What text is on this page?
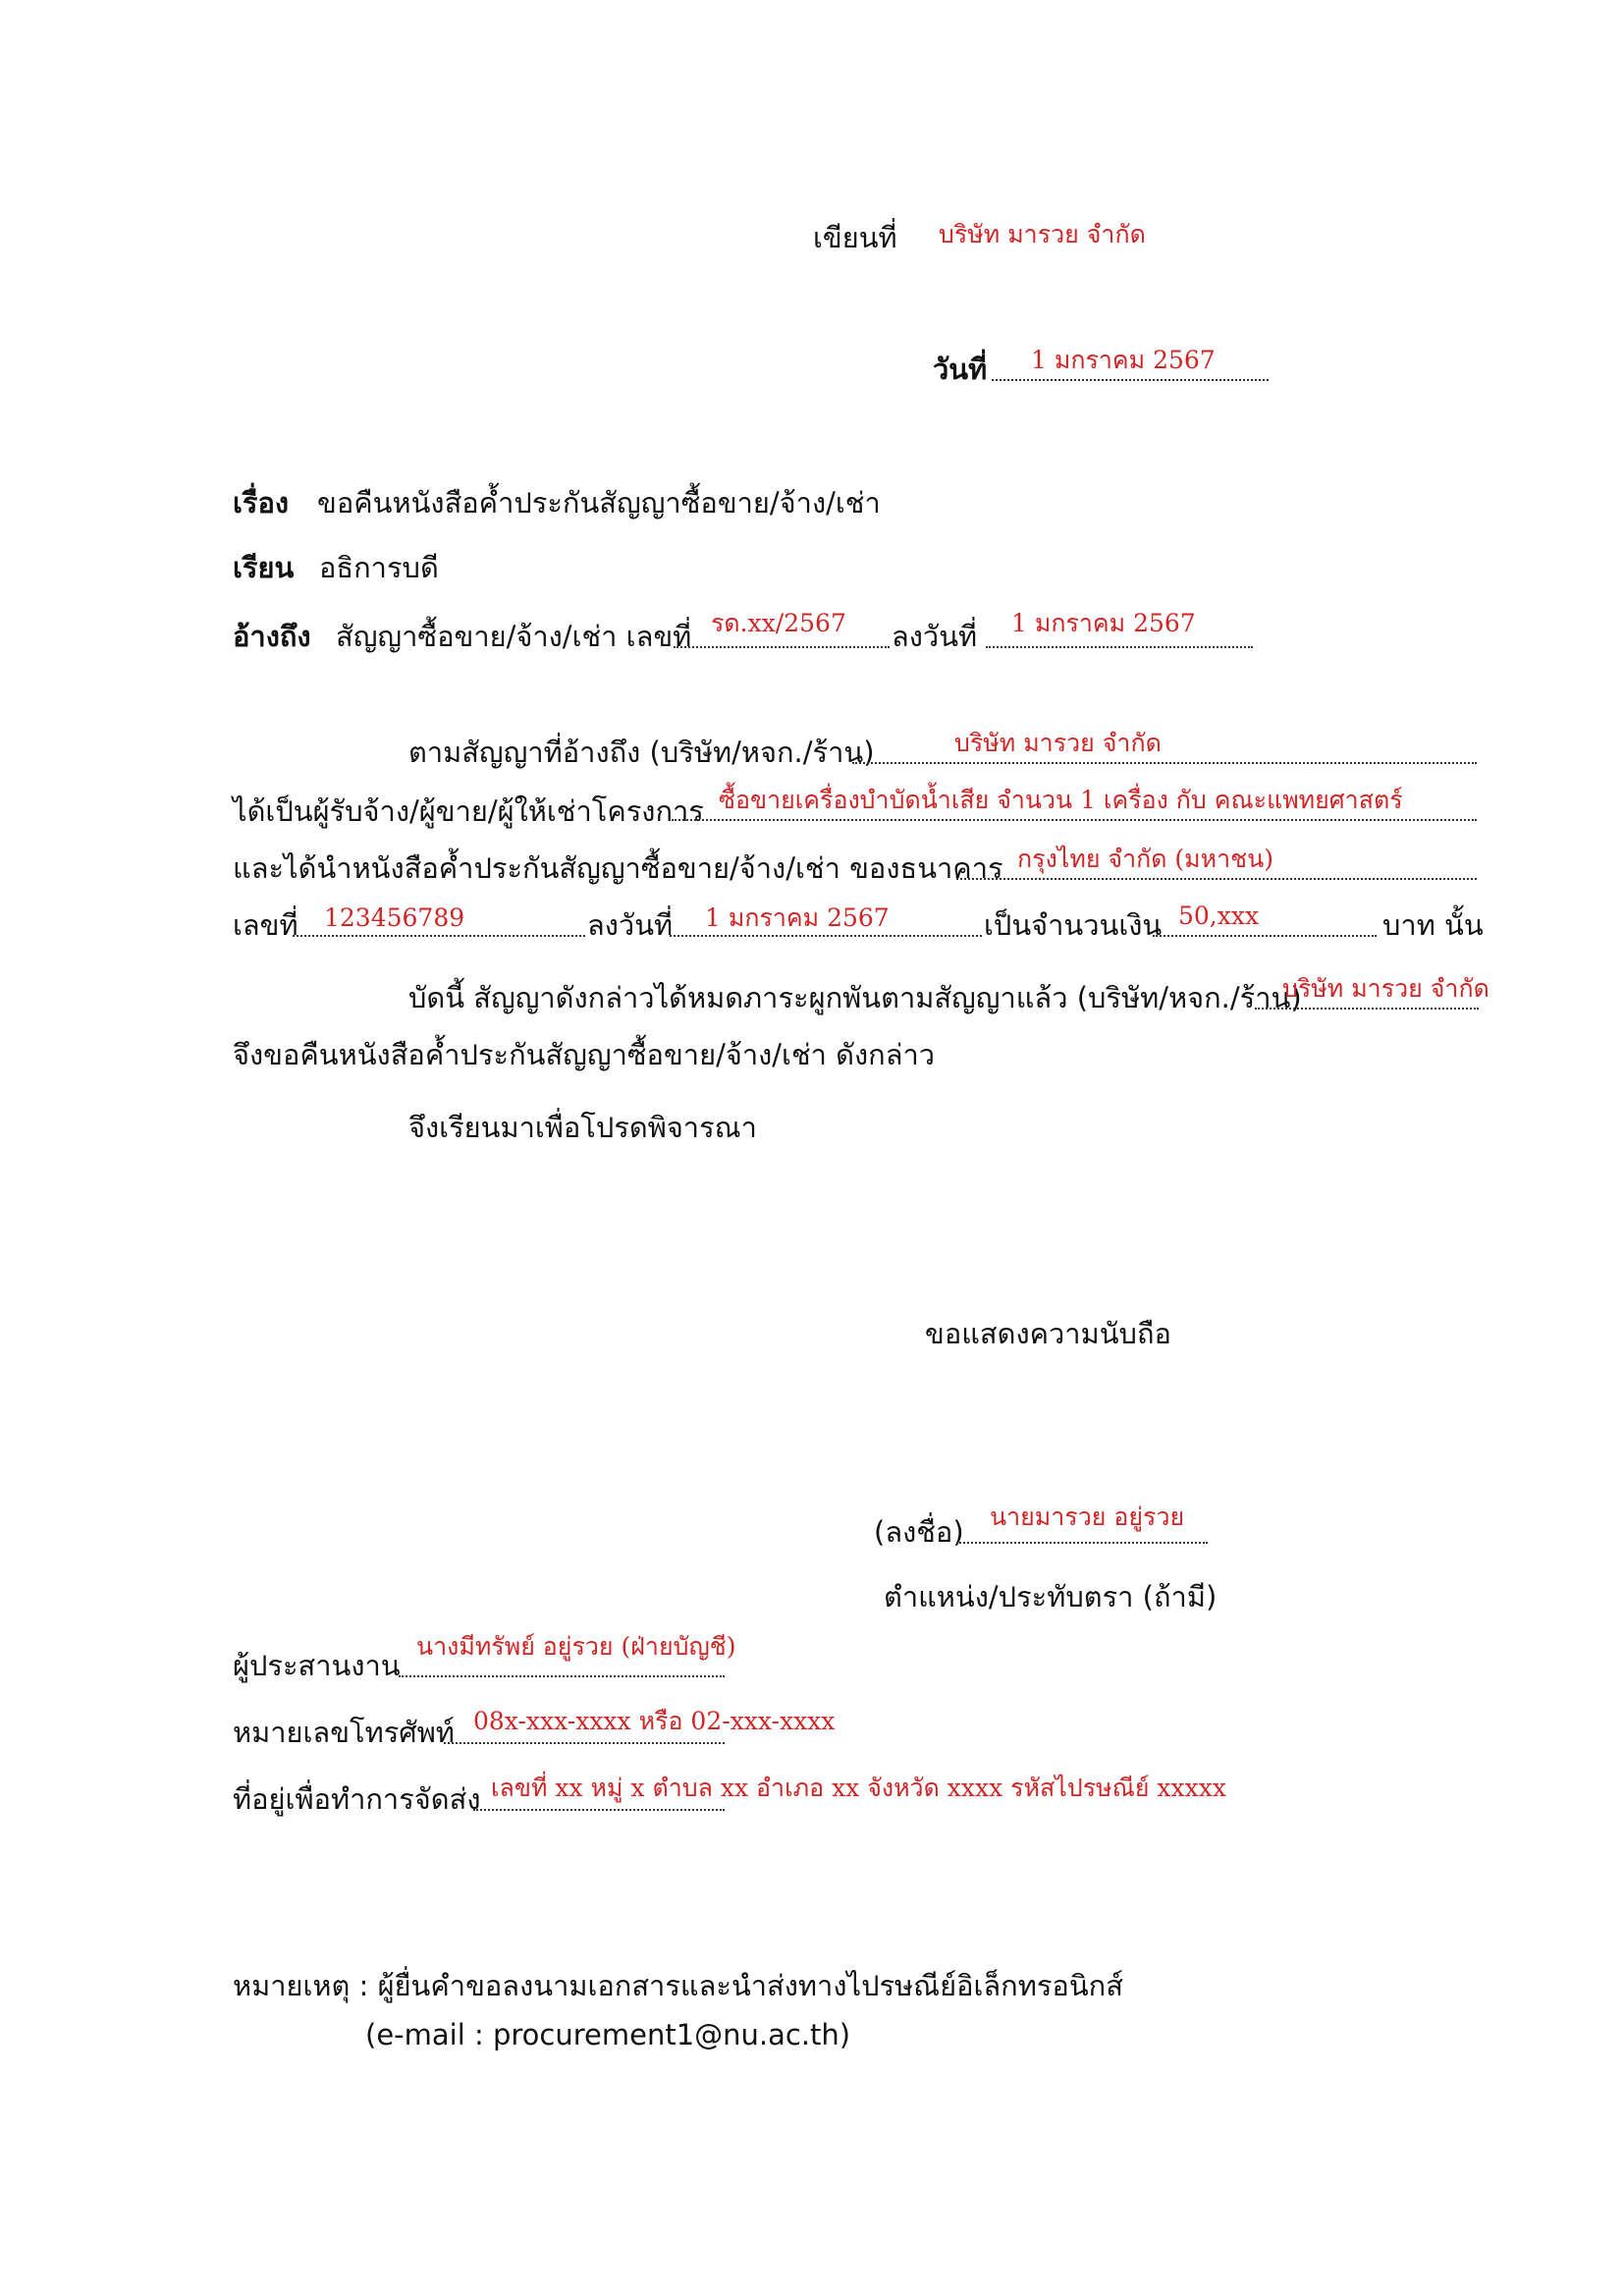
เขียนที่ บริษัท มารวย จำกัด
วันที่ 1 มกราคม 2567
เรื่อง ขอคืนหนังสือค้ำประกันสัญญาซื้อขาย/จ้าง/เช่า
เรียน อธิการบดี
อ้างถึง สัญญาซื้อขาย/จ้าง/เช่า เลขที่ รด.xx/2567 ลงวันที่ 1 มกราคม 2567
ตามสัญญาที่อ้างถึง (บริษัท/หจก./ร้าน)	บริษัท มารวย จำกัด
ได้เป็นผู้รับจ้าง/ผู้ขาย/ผู้ให้เช่าโครงการ ซื้อขายเครื่องบำบัดน้ำเสีย จำนวน 1 เครื่อง กับ คณะแพทยศาสตร์
และได้นำหนังสือค้ำประกันสัญญาซื้อขาย/จ้าง/เช่า ของธนาคาร กรุงไทย จำกัด (มหาชน)
เลขที่ 123456789	ลงวันที่ 1 มกราคม 2567	เป็นจำนวนเงิน 50,xxx	บาท นั้น
บัดนี้ สัญญาดังกล่าวได้หมดภาระผูกพันตามสัญญาแล้ว (บริษัท/หจก./ร้าน)
บริษัท มารวย จำกัด
จึงขอคืนหนังสือค้ำประกันสัญญาซื้อขาย/จ้าง/เช่า ดังกล่าว
จึงเรียนมาเพื่อโปรดพิจารณา
ขอแสดงความนับถือ
(ลงชื่อ) นายมารวย อยู่รวย
ตำแหน่ง/ประทับตรา (ถ้ามี)
ผู้ประสานงาน
นางมีทรัพย์ อยู่รวย (ฝ่ายบัญชี)
หมายเลขโทรศัพท์ 08x-xxx-xxxx หรือ 02-xxx-xxxx
ที่อยู่เพื่อทำการจัดส่ง เลขที่ xx หมู่ x ตำบล xx อำเภอ xx จังหวัด xxxx รหัสไปรษณีย์ xxxxx
หมายเหตุ : ผู้ยื่นคำขอลงนามเอกสารและนำส่งทางไปรษณีย์อิเล็กทรอนิกส์
(e-mail : procurement1@nu.ac.th)
